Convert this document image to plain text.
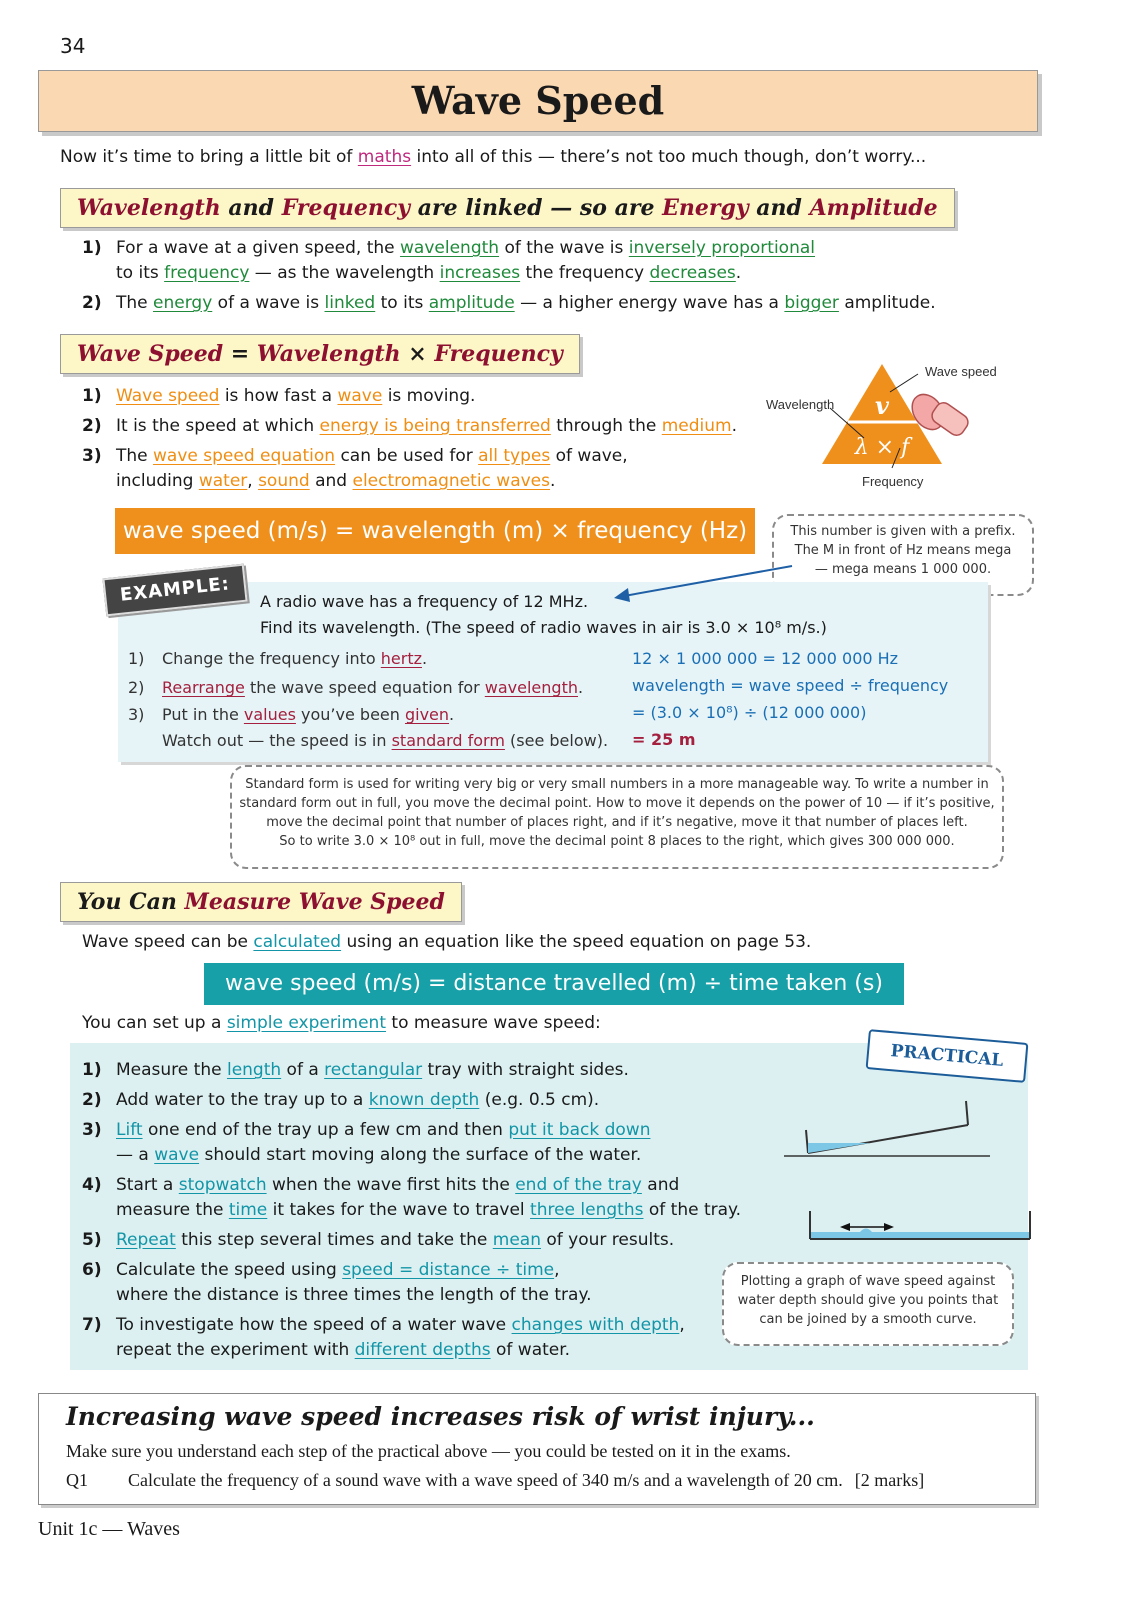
34
Wave Speed
Now it’s time to bring a little bit of maths into all of this — there’s not too much though, don’t worry...
Wavelength and Frequency are linked — so are Energy and Amplitude
1) For a wave at a given speed, the wavelength of the wave is inversely proportional
to its frequency — as the wavelength increases the frequency decreases.
2) The energy of a wave is linked to its amplitude — a higher energy wave has a bigger amplitude.
Wave Speed = Wavelength × Frequency
1) Wave speed is how fast a wave is moving.
2) It is the speed at which energy is being transferred through the medium.
3) The wave speed equation can be used for all types of wave,
including water, sound and electromagnetic waves.
v
λ × f
Wave speed
Wavelength
Frequency
wave speed (m/s) = wavelength (m) × frequency (Hz)	This number is given with a prefix.
The M in front of Hz means mega
— mega means 1 000 000.
EXAMPLE:	A radio wave has a frequency of 12 MHz.
Find its wavelength. (The speed of radio waves in air is 3.0 × 10⁸ m/s.)
1) Change the frequency into hertz.
2) Rearrange the wave speed equation for wavelength.
3) Put in the values you’ve been given.
Watch out — the speed is in standard form (see below).
12 × 1 000 000 = 12 000 000 Hz
wavelength = wave speed ÷ frequency
= (3.0 × 10⁸) ÷ (12 000 000)
= 25 m
Standard form is used for writing very big or very small numbers in a more manageable way. To write a number in
standard form out in full, you move the decimal point. How to move it depends on the power of 10 — if it’s positive,
move the decimal point that number of places right, and if it’s negative, move it that number of places left.
So to write 3.0 × 10⁸ out in full, move the decimal point 8 places to the right, which gives 300 000 000.
You Can Measure Wave Speed
Wave speed can be calculated using an equation like the speed equation on page 53.
wave speed (m/s) = distance travelled (m) ÷ time taken (s)
You can set up a simple experiment to measure wave speed:
PRACTICAL
1) Measure the length of a rectangular tray with straight sides.
2) Add water to the tray up to a known depth (e.g. 0.5 cm).
3) Lift one end of the tray up a few cm and then put it back down
— a wave should start moving along the surface of the water.
4) Start a stopwatch when the wave first hits the end of the tray and
measure the time it takes for the wave to travel three lengths of the tray.
5) Repeat this step several times and take the mean of your results.
6) Calculate the speed using speed = distance ÷ time,
where the distance is three times the length of the tray.
7) To investigate how the speed of a water wave changes with depth,
repeat the experiment with different depths of water.
Plotting a graph of wave speed against
water depth should give you points that
can be joined by a smooth curve.
Increasing wave speed increases risk of wrist injury...
Make sure you understand each step of the practical above — you could be tested on it in the exams.
Q1 Calculate the frequency of a sound wave with a wave speed of 340 m/s and a wavelength of 20 cm. [2 marks]
Unit 1c — Waves
